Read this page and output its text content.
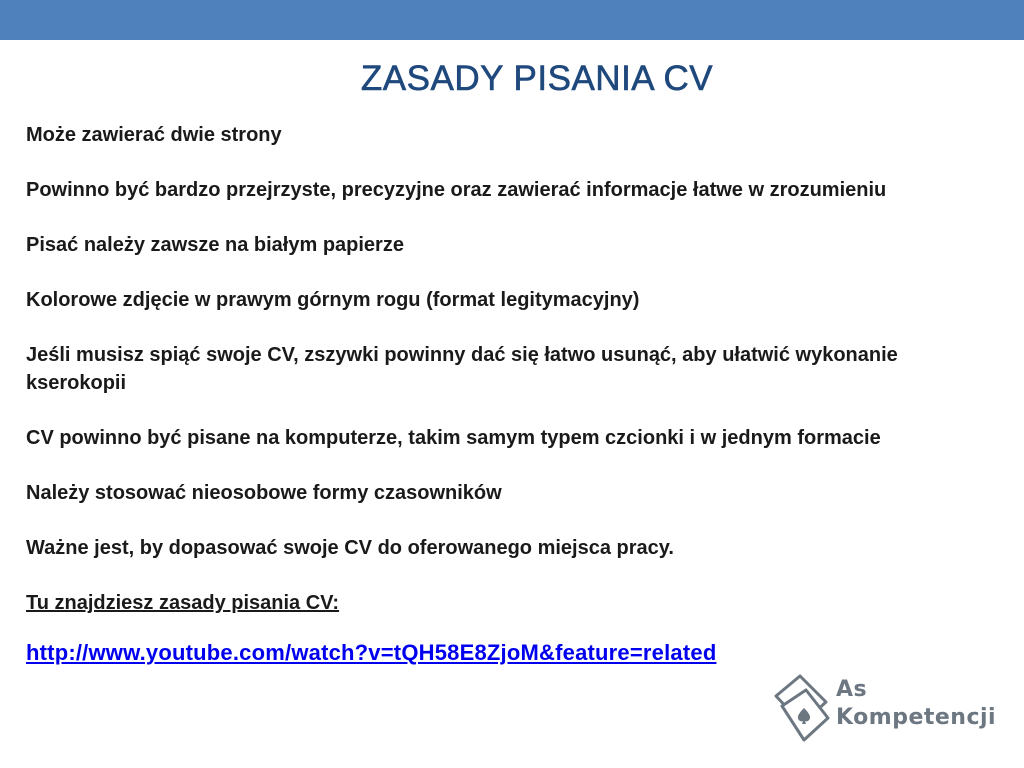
ZASADY PISANIA CV
Może zawierać dwie strony
Powinno być bardzo przejrzyste, precyzyjne oraz zawierać informacje łatwe w zrozumieniu
Pisać należy zawsze na białym papierze
Kolorowe zdjęcie w prawym górnym rogu (format legitymacyjny)
Jeśli musisz spiąć swoje CV, zszywki powinny dać się łatwo usunąć, aby ułatwić wykonanie kserokopii
CV powinno być pisane na komputerze, takim samym typem czcionki i w jednym formacie
Należy stosować nieosobowe formy czasowników
Ważne jest, by dopasować swoje CV do oferowanego miejsca pracy.
Tu znajdziesz zasady pisania CV:
http://www.youtube.com/watch?v=tQH58E8ZjoM&feature=related
As
Kompetencji
